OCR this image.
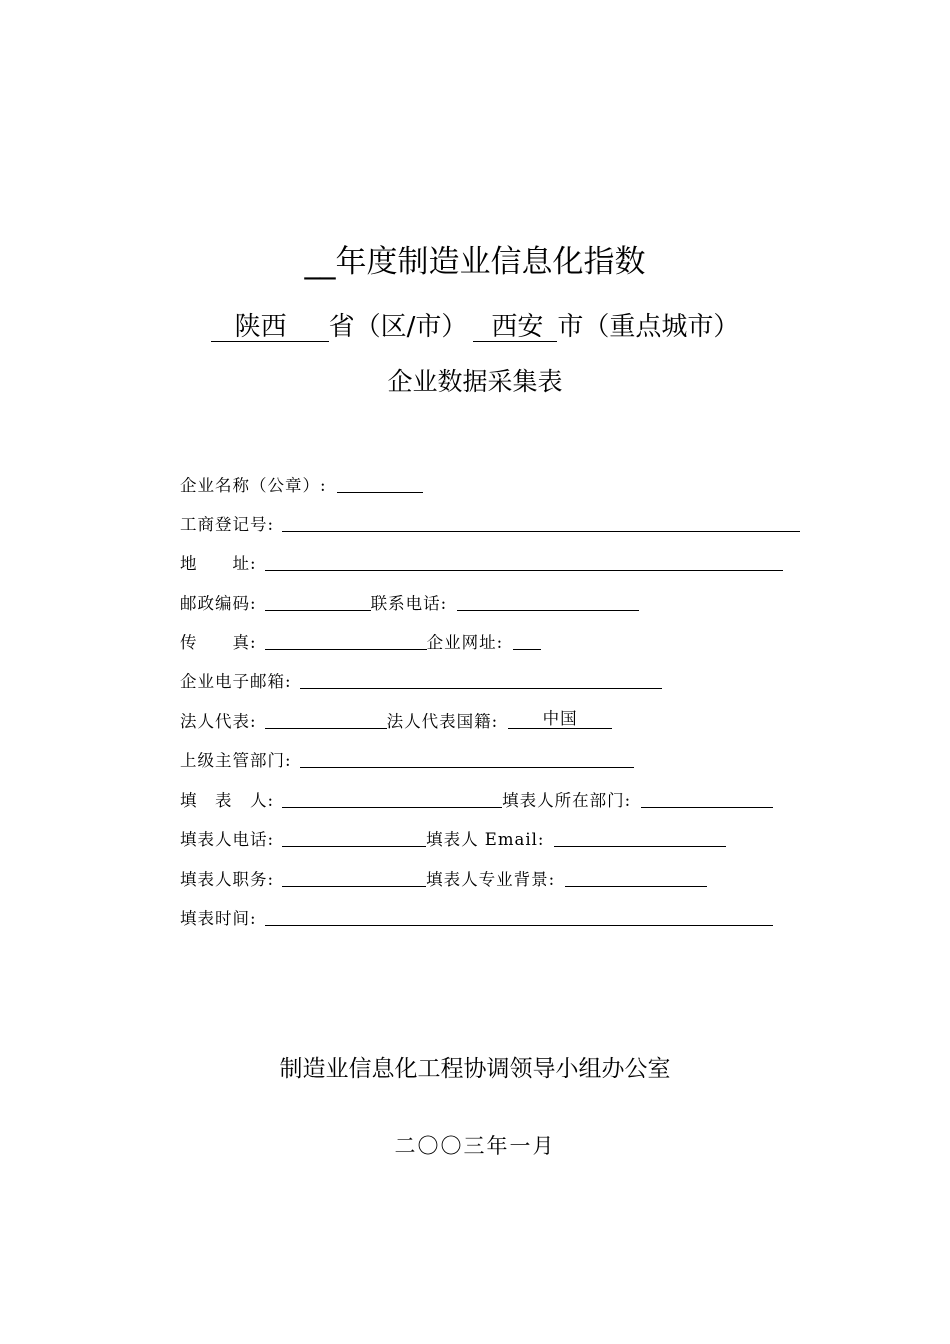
__年度制造业信息化指数
陕西 省（区/市） 西安 市（重点城市）
企业数据采集表
企业名称（公章）:
工商登记号:
地　　址:
邮政编码:	联系电话:
传　　真:	企业网址:
企业电子邮箱:
法人代表:	法人代表国籍:	中国
上级主管部门:
填　表　人:	填表人所在部门:
填表人电话:	填表人 Email:
填表人职务:	填表人专业背景:
填表时间:
制造业信息化工程协调领导小组办公室
二〇〇三年一月
